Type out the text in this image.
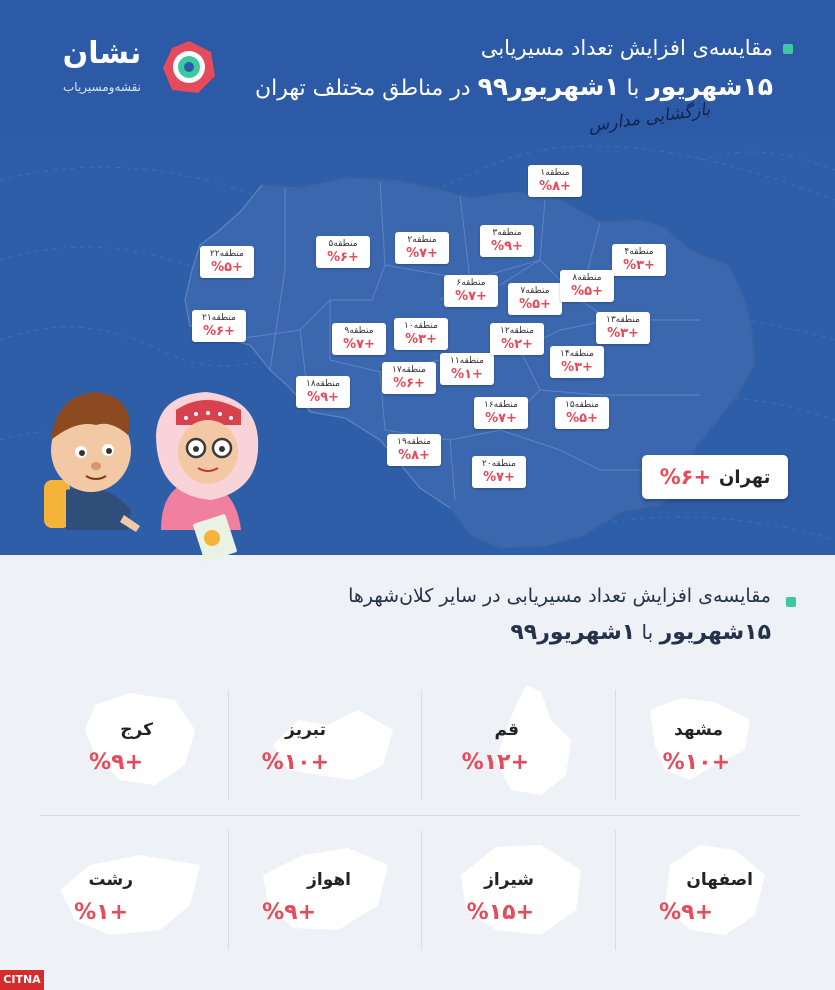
نشان
نقشه‌و‌مسیریاب
مقایسه‌ی افزایش تعداد مسیریابی
۱۵شهریور با ۱شهریور۹۹ در مناطق مختلف تهران
بازگشایی مدارس
منطقه۱
+%۸
منطقه۲
+%۷
منطقه۳
+%۹	منطقه۴
+%۳
منطقه۵
+%۶
منطقه۶
+%۷	منطقه۷
+%۵
منطقه۸
+%۵
منطقه۹
+%۷
منطقه۱۰
+%۳
منطقه۱۱
+%۱
منطقه۱۲
+%۲
منطقه۱۳
+%۳
منطقه۱۴
+%۳
منطقه۱۵
+%۵
منطقه۱۶
+%۷
منطقه۱۷
+%۶
منطقه۱۸
+%۹
منطقه۱۹
+%۸
منطقه۲۰
+%۷
منطقه۲۱
+%۶
منطقه۲۲
+%۵
تهران
+%۶
مقایسه‌ی افزایش تعداد مسیریابی در سایر کلان‌شهرها
۱۵شهریور با ۱شهریور۹۹
مشهد
+%۱۰
قم
+%۱۲
تبریز
+%۱۰
کرج
+%۹
اصفهان
+%۹
شیراز
+%۱۵
اهواز
+%۹
رشت
+%۱
CITNA
